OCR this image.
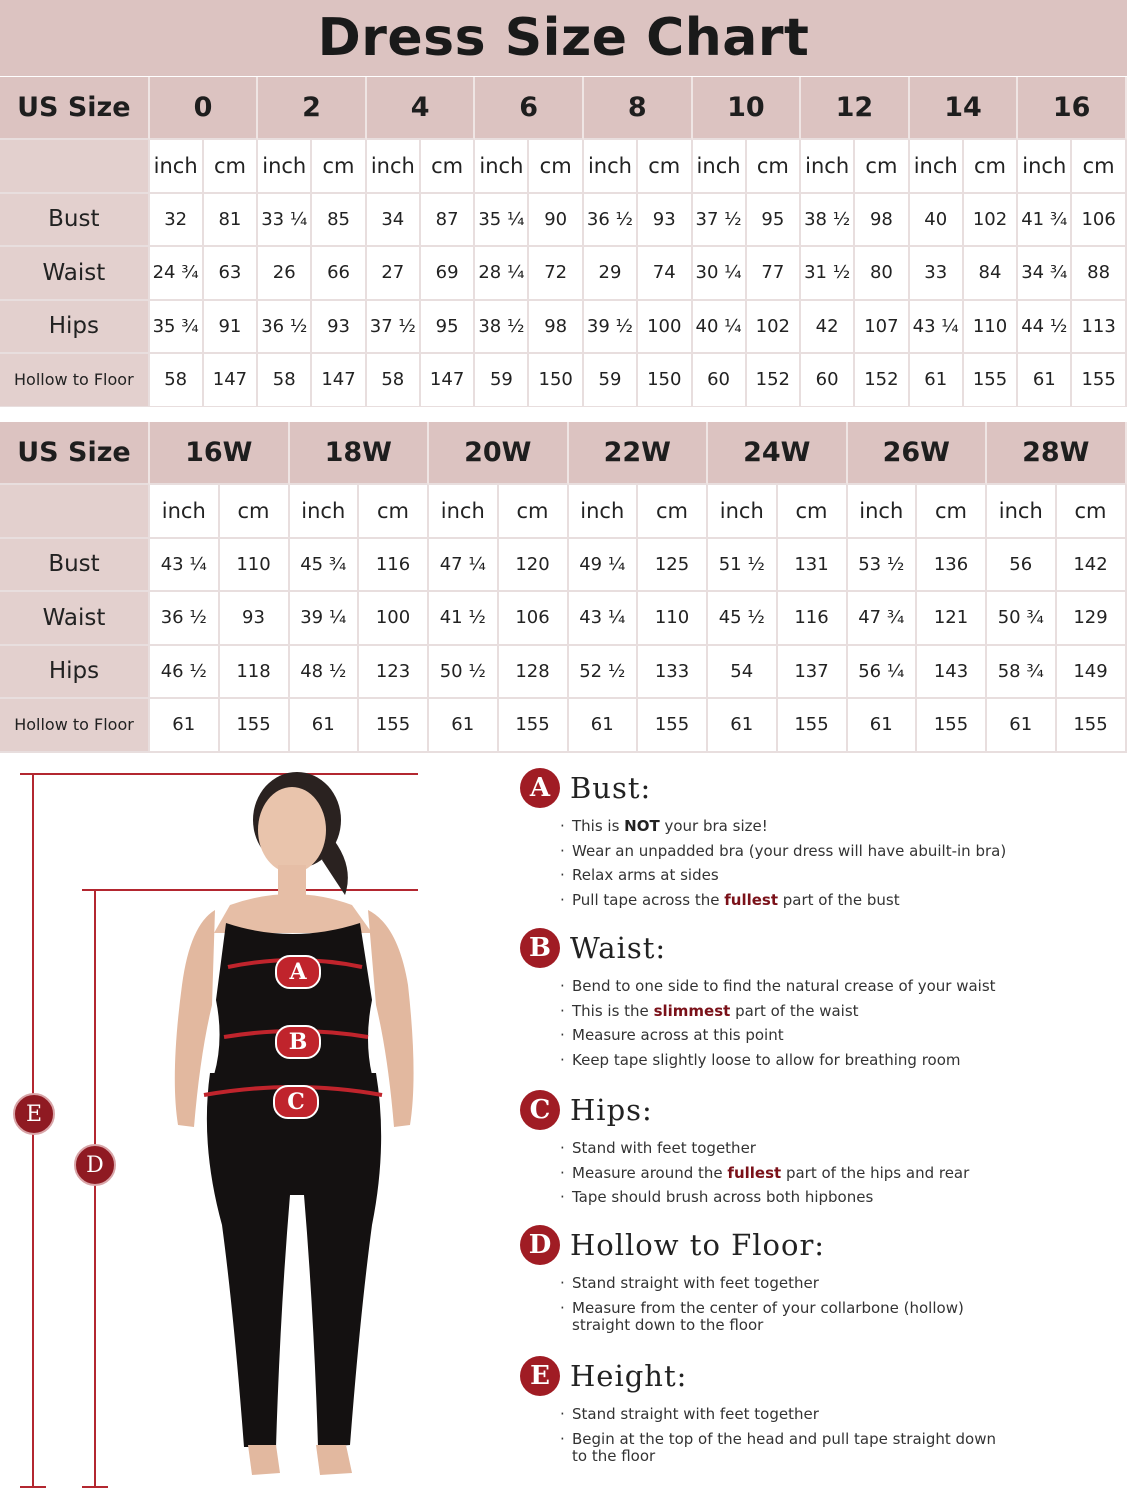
Dress Size Chart
US Size	0		2		4		6		8		10		12		14		16	
	inch	cm	inch	cm	inch	cm	inch	cm	inch	cm	inch	cm	inch	cm	inch	cm	inch	cm
Bust	32	81	33 ¼	85	34	87	35 ¼	90	36 ½	93	37 ½	95	38 ½	98	40	102	41 ¾	106
Waist	24 ¾	63	26	66	27	69	28 ¼	72	29	74	30 ¼	77	31 ½	80	33	84	34 ¾	88
Hips	35 ¾	91	36 ½	93	37 ½	95	38 ½	98	39 ½	100	40 ¼	102	42	107	43 ¼	110	44 ½	113
Hollow to Floor	58	147	58	147	58	147	59	150	59	150	60	152	60	152	61	155	61	155
US Size	16W		18W		20W		22W		24W		26W		28W	
	inch	cm	inch	cm	inch	cm	inch	cm	inch	cm	inch	cm	inch	cm
Bust	43 ¼	110	45 ¾	116	47 ¼	120	49 ¼	125	51 ½	131	53 ½	136	56	142
Waist	36 ½	93	39 ¼	100	41 ½	106	43 ¼	110	45 ½	116	47 ¾	121	50 ¾	129
Hips	46 ½	118	48 ½	123	50 ½	128	52 ½	133	54	137	56 ¼	143	58 ¾	149
Hollow to Floor	61	155	61	155	61	155	61	155	61	155	61	155	61	155
E
D
A
B
C
A Bust:
· This is NOT your bra size!
· Wear an unpadded bra (your dress will have abuilt-in bra)
· Relax arms at sides
· Pull tape across the fullest part of the bust
B Waist:
· Bend to one side to find the natural crease of your waist
· This is the slimmest part of the waist
· Measure across at this point
· Keep tape slightly loose to allow for breathing room
C Hips:
· Stand with feet together
· Measure around the fullest part of the hips and rear
· Tape should brush across both hipbones
D Hollow to Floor:
· Stand straight with feet together
· Measure from the center of your collarbone (hollow)
straight down to the floor
E Height:
· Stand straight with feet together
· Begin at the top of the head and pull tape straight down
to the floor
